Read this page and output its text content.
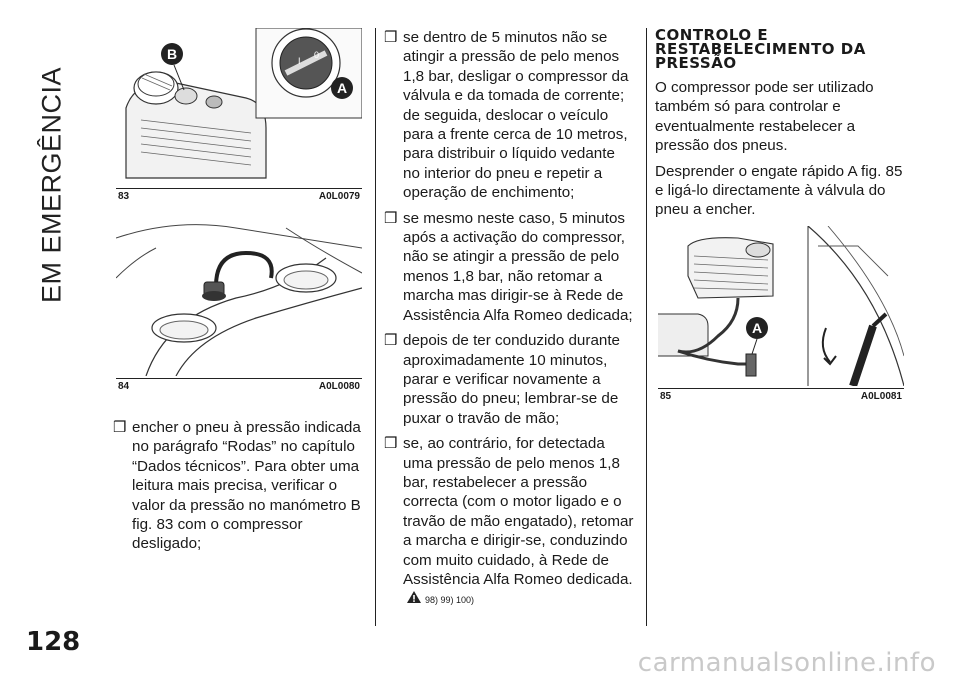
EM EMERGÊNCIA
B	I
0
A
83	A0L0079
84	A0L0080
❒ encher o pneu à pressão indicada no parágrafo “Rodas” no capítulo “Dados técnicos”. Para obter uma leitura mais precisa, verificar o valor da pressão no manómetro B fig. 83 com o compressor desligado;
❒ se dentro de 5 minutos não se atingir a pressão de pelo menos 1,8 bar, desligar o compressor da válvula e da tomada de corrente; de seguida, deslocar o veículo para a frente cerca de 10 metros, para distribuir o líquido vedante no interior do pneu e repetir a operação de enchimento;
❒ se mesmo neste caso, 5 minutos após a activação do compressor, não se atingir a pressão de pelo menos 1,8 bar, não retomar a marcha mas dirigir-se à Rede de Assistência Alfa Romeo dedicada;
❒ depois de ter conduzido durante aproximadamente 10 minutos, parar e verificar novamente a pressão do pneu; lembrar-se de puxar o travão de mão;
❒ se, ao contrário, for detectada uma pressão de pelo menos 1,8 bar, restabelecer a pressão correcta (com o motor ligado e o travão de mão engatado), retomar a marcha e dirigir-se, conduzindo com muito cuidado, à Rede de Assistência Alfa Romeo dedicada. 98) 99) 100)
CONTROLO E
RESTABELECIMENTO DA
PRESSÃO

O compressor pode ser utilizado também só para controlar e eventualmente restabelecer a pressão dos pneus.

Desprender o engate rápido A fig. 85 e ligá-lo directamente à válvula do pneu a encher.

A
85	A0L0081
128
carmanualsonline.info
